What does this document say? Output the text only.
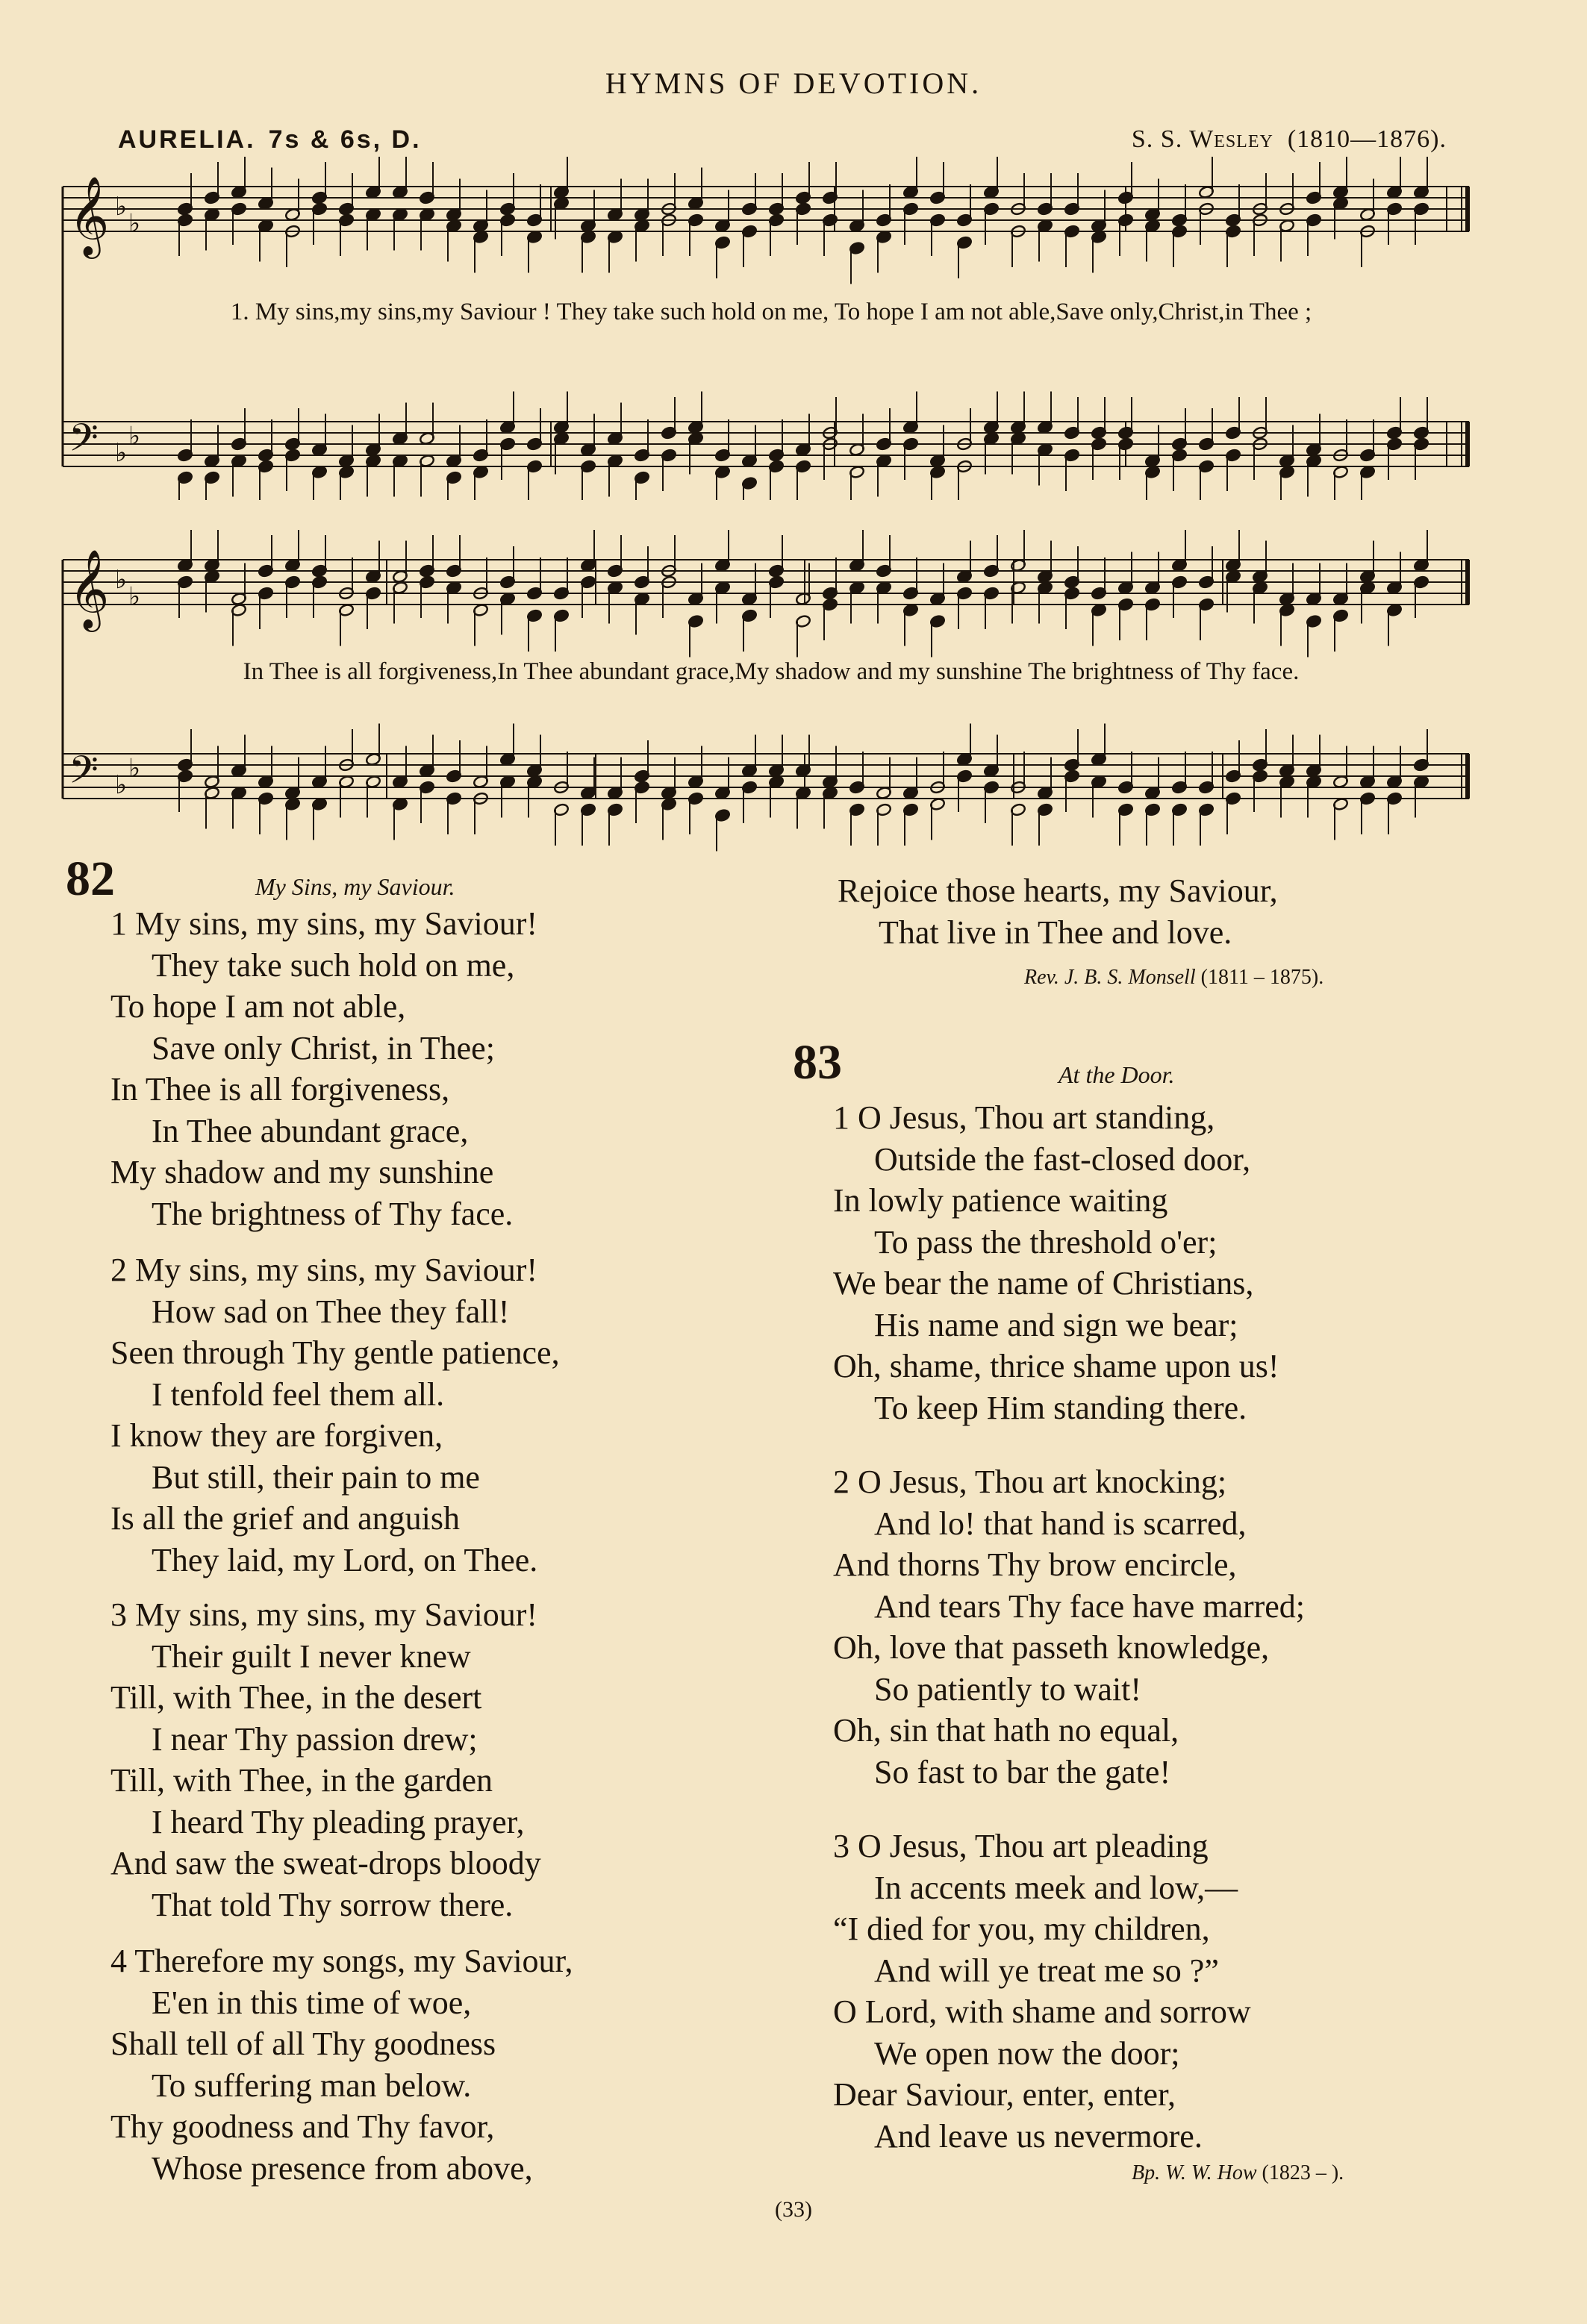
HYMNS OF DEVOTION.
AURELIA. 7s & 6s, D.	S. S. Wesley (1810—1876).
𝄞 ♭
♭
𝄢 ♭
♭
1. My sins,my sins,my Saviour ! They take such hold on me, To hope I am not able,Save only,Christ,in Thee ;
𝄞 ♭
♭
𝄢 ♭
♭
In Thee is all forgiveness,In Thee abundant grace,My shadow and my sunshine The brightness of Thy face.
82	My Sins, my Saviour.
1 My sins, my sins, my Saviour!
They take such hold on me,
To hope I am not able,
Save only Christ, in Thee;
In Thee is all forgiveness,
In Thee abundant grace,
My shadow and my sunshine
The brightness of Thy face.
2 My sins, my sins, my Saviour!
How sad on Thee they fall!
Seen through Thy gentle patience,
I tenfold feel them all.
I know they are forgiven,
But still, their pain to me
Is all the grief and anguish
They laid, my Lord, on Thee.
3 My sins, my sins, my Saviour!
Their guilt I never knew
Till, with Thee, in the desert
I near Thy passion drew;
Till, with Thee, in the garden
I heard Thy pleading prayer,
And saw the sweat-drops bloody
That told Thy sorrow there.
4 Therefore my songs, my Saviour,
E'en in this time of woe,
Shall tell of all Thy goodness
To suffering man below.
Thy goodness and Thy favor,
Whose presence from above,
Rejoice those hearts, my Saviour,
That live in Thee and love.
Rev. J. B. S. Monsell (1811 – 1875).
83	At the Door.
1 O Jesus, Thou art standing,
Outside the fast-closed door,
In lowly patience waiting
To pass the threshold o'er;
We bear the name of Christians,
His name and sign we bear;
Oh, shame, thrice shame upon us!
To keep Him standing there.
2 O Jesus, Thou art knocking;
And lo! that hand is scarred,
And thorns Thy brow encircle,
And tears Thy face have marred;
Oh, love that passeth knowledge,
So patiently to wait!
Oh, sin that hath no equal,
So fast to bar the gate!
3 O Jesus, Thou art pleading
In accents meek and low,—
“I died for you, my children,
And will ye treat me so ?”
O Lord, with shame and sorrow
We open now the door;
Dear Saviour, enter, enter,
And leave us nevermore.
Bp. W. W. How (1823 – ).
(33)
